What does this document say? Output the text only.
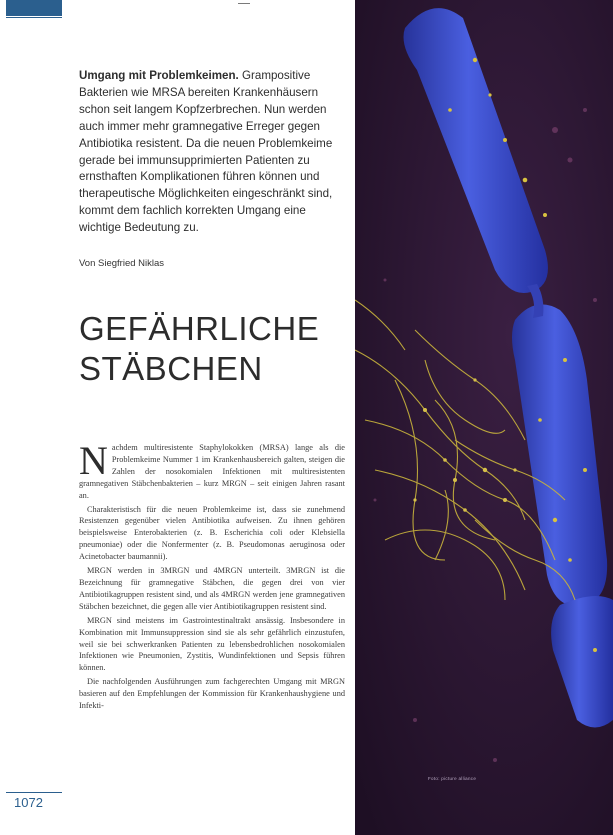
Umgang mit Problemkeimen. Grampositive Bakterien wie MRSA bereiten Krankenhäusern schon seit langem Kopfzerbrechen. Nun werden auch immer mehr gramnegative Erreger gegen Antibiotika resistent. Da die neuen Problemkeime gerade bei immunsupprimierten Patienten zu ernsthaften Komplikationen führen können und therapeutische Möglichkeiten eingeschränkt sind, kommt dem fachlich korrekten Umgang eine wichtige Bedeutung zu.
Von Siegfried Niklas
GEFÄHRLICHE
STÄBCHEN

Nachdem multiresistente Staphylokokken (MRSA) lange als die Problemkeime Nummer 1 im Krankenhausbereich galten, steigen die Zahlen der nosokomialen Infektionen mit multiresistenten gramnegativen Stäbchenbakterien – kurz MRGN – seit einigen Jahren rasant an.

Charakteristisch für die neuen Problemkeime ist, dass sie zunehmend Resistenzen gegenüber vielen Antibiotika aufweisen. Zu ihnen gehören beispielsweise Enterobakterien (z. B. Escherichia coli oder Klebsiella pneumoniae) oder die Nonfermenter (z. B. Pseudomonas aeruginosa oder Acinetobacter baumannii).

MRGN werden in 3MRGN und 4MRGN unterteilt. 3MRGN ist die Bezeichnung für gramnegative Stäbchen, die gegen drei von vier Antibiotikagruppen resistent sind, und als 4MRGN werden jene gramnegativen Stäbchen bezeichnet, die gegen alle vier Antibiotikagruppen resistent sind.

MRGN sind meistens im Gastrointestinaltrakt ansässig. Insbesondere in Kombination mit Immunsuppression sind sie als sehr gefährlich einzustufen, weil sie bei schwerkranken Patienten zu lebensbedrohlichen nosokomialen Infektionen wie Pneumonien, Zystitis, Wundinfektionen und Sepsis führen können.

Die nachfolgenden Ausführungen zum fachgerechten Umgang mit MRGN basieren auf den Empfehlungen der Kommission für Krankenhaushygiene und Infekti-

1072
Foto: picture alliance
